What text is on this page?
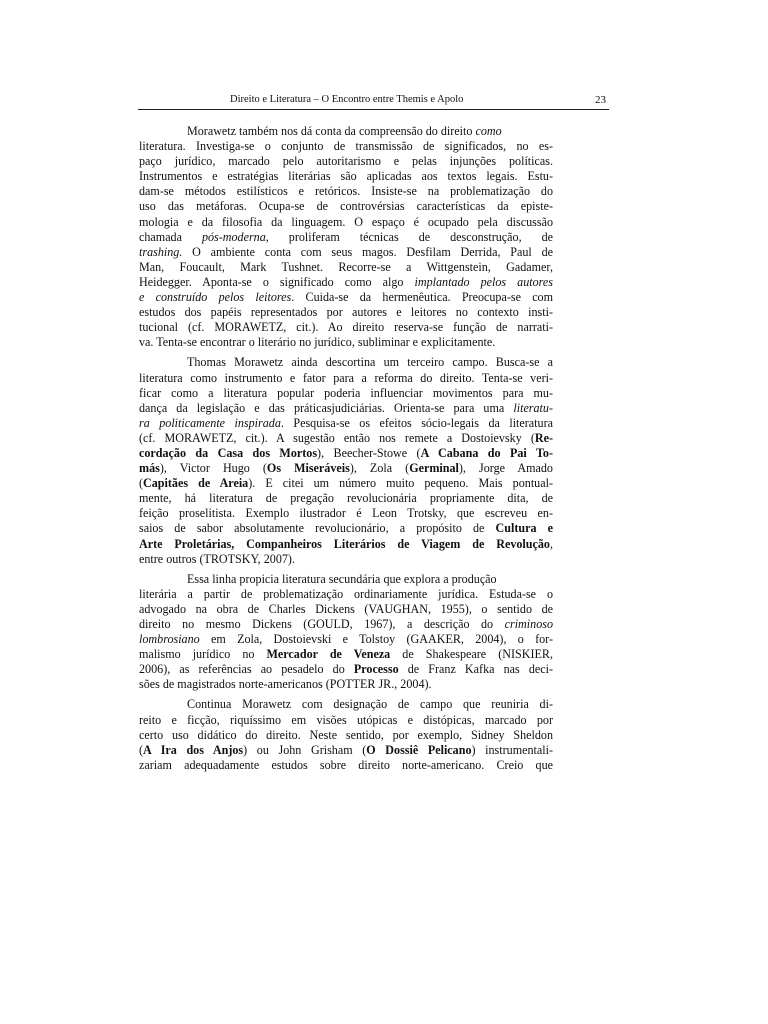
Direito e Literatura – O Encontro entre Themis e Apolo	23
Morawetz também nos dá conta da compreensão do direito como
literatura. Investiga-se o conjunto de transmissão de significados, no es-
paço jurídico, marcado pelo autoritarismo e pelas injunções políticas.
Instrumentos e estratégias literárias são aplicadas aos textos legais. Estu-
dam-se métodos estilísticos e retóricos. Insiste-se na problematização do
uso das metáforas. Ocupa-se de controvérsias características da episte-
mologia e da filosofia da linguagem. O espaço é ocupado pela discussão
chamada pós-moderna, proliferam técnicas de desconstrução, de
trashing. O ambiente conta com seus magos. Desfilam Derrida, Paul de
Man, Foucault, Mark Tushnet. Recorre-se a Wittgenstein, Gadamer,
Heidegger. Aponta-se o significado como algo implantado pelos autores
e construído pelos leitores. Cuida-se da hermenêutica. Preocupa-se com
estudos dos papéis representados por autores e leitores no contexto insti-
tucional (cf. MORAWETZ, cit.). Ao direito reserva-se função de narrati-
va. Tenta-se encontrar o literário no jurídico, subliminar e explicitamente.
Thomas Morawetz ainda descortina um terceiro campo. Busca-se a
literatura como instrumento e fator para a reforma do direito. Tenta-se veri-
ficar como a literatura popular poderia influenciar movimentos para mu-
dança da legislação e das práticasjudiciárias. Orienta-se para uma literatu-
ra politicamente inspirada. Pesquisa-se os efeitos sócio-legais da literatura
(cf. MORAWETZ, cit.). A sugestão então nos remete a Dostoievsky (Re-
cordação da Casa dos Mortos), Beecher-Stowe (A Cabana do Pai To-
más), Victor Hugo (Os Miseráveis), Zola (Germinal), Jorge Amado
(Capitães de Areia). E citei um número muito pequeno. Mais pontual-
mente, há literatura de pregação revolucionária propriamente dita, de
feição proselitista. Exemplo ilustrador é Leon Trotsky, que escreveu en-
saios de sabor absolutamente revolucionário, a propósito de Cultura e
Arte Proletárias, Companheiros Literários de Viagem de Revolução,
entre outros (TROTSKY, 2007).
Essa linha propicia literatura secundária que explora a produção
literária a partir de problematização ordinariamente jurídica. Estuda-se o
advogado na obra de Charles Dickens (VAUGHAN, 1955), o sentido de
direito no mesmo Dickens (GOULD, 1967), a descrição do criminoso
lombrosiano em Zola, Dostoievski e Tolstoy (GAAKER, 2004), o for-
malismo jurídico no Mercador de Veneza de Shakespeare (NISKIER,
2006), as referências ao pesadelo do Processo de Franz Kafka nas deci-
sões de magistrados norte-americanos (POTTER JR., 2004).
Continua Morawetz com designação de campo que reuniria di-
reito e ficção, riquíssimo em visões utópicas e distópicas, marcado por
certo uso didático do direito. Neste sentido, por exemplo, Sidney Sheldon
(A Ira dos Anjos) ou John Grisham (O Dossiê Pelicano) instrumentali-
zariam adequadamente estudos sobre direito norte-americano. Creio que
